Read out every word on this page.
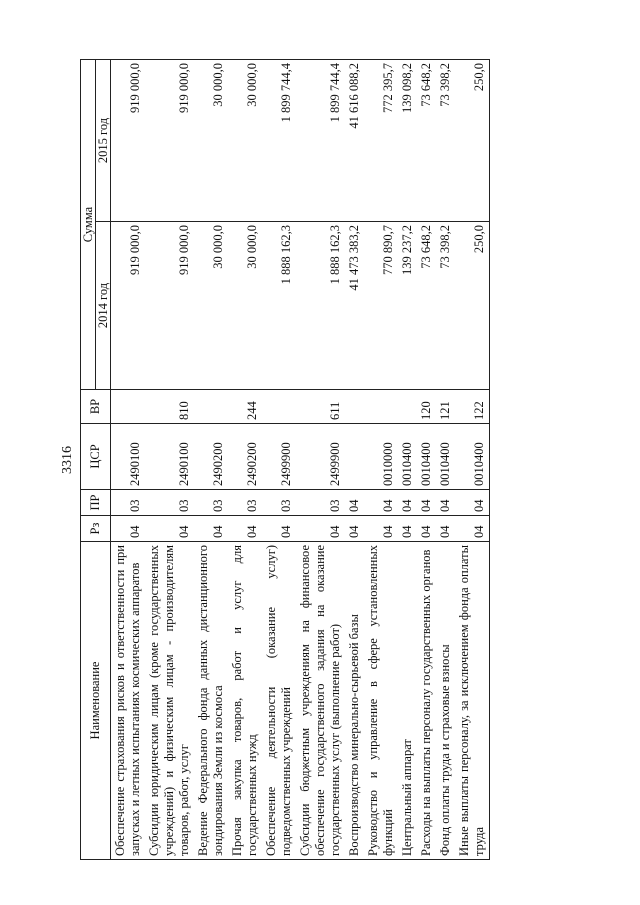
3316
Наименование	Рз	ПР	ЦСР	ВР	Сумма	
					2014 год	2015 год
Обеспечение страхования рисков и ответственности при запусках и летных испытаниях космических аппаратов	04	03	2490100		919 000,0	919 000,0
Субсидии юридическим лицам (кроме государственных учреждений) и физическим лицам - производителям товаров, работ, услуг	04	03	2490100	810	919 000,0	919 000,0
Ведение Федерального фонда данных дистанционного зондирования Земли из космоса	04	03	2490200		30 000,0	30 000,0
Прочая закупка товаров, работ и услуг для государственных нужд	04	03	2490200	244	30 000,0	30 000,0
Обеспечение деятельности (оказание услуг) подведомственных учреждений	04	03	2499900		1 888 162,3	1 899 744,4
Субсидии бюджетным учреждениям на финансовое обеспечение государственного задания на оказание государственных услуг (выполнение работ)	04	03	2499900	611	1 888 162,3	1 899 744,4
Воспроизводство минерально-сырьевой базы	04	04			41 473 383,2	41 616 088,2
Руководство и управление в сфере установленных функций	04	04	0010000		770 890,7	772 395,7
Центральный аппарат	04	04	0010400		139 237,2	139 098,2
Расходы на выплаты персоналу государственных органов	04	04	0010400	120	73 648,2	73 648,2
Фонд оплаты труда и страховые взносы	04	04	0010400	121	73 398,2	73 398,2
Иные выплаты персоналу, за исключением фонда оплаты труда	04	04	0010400	122	250,0	250,0
